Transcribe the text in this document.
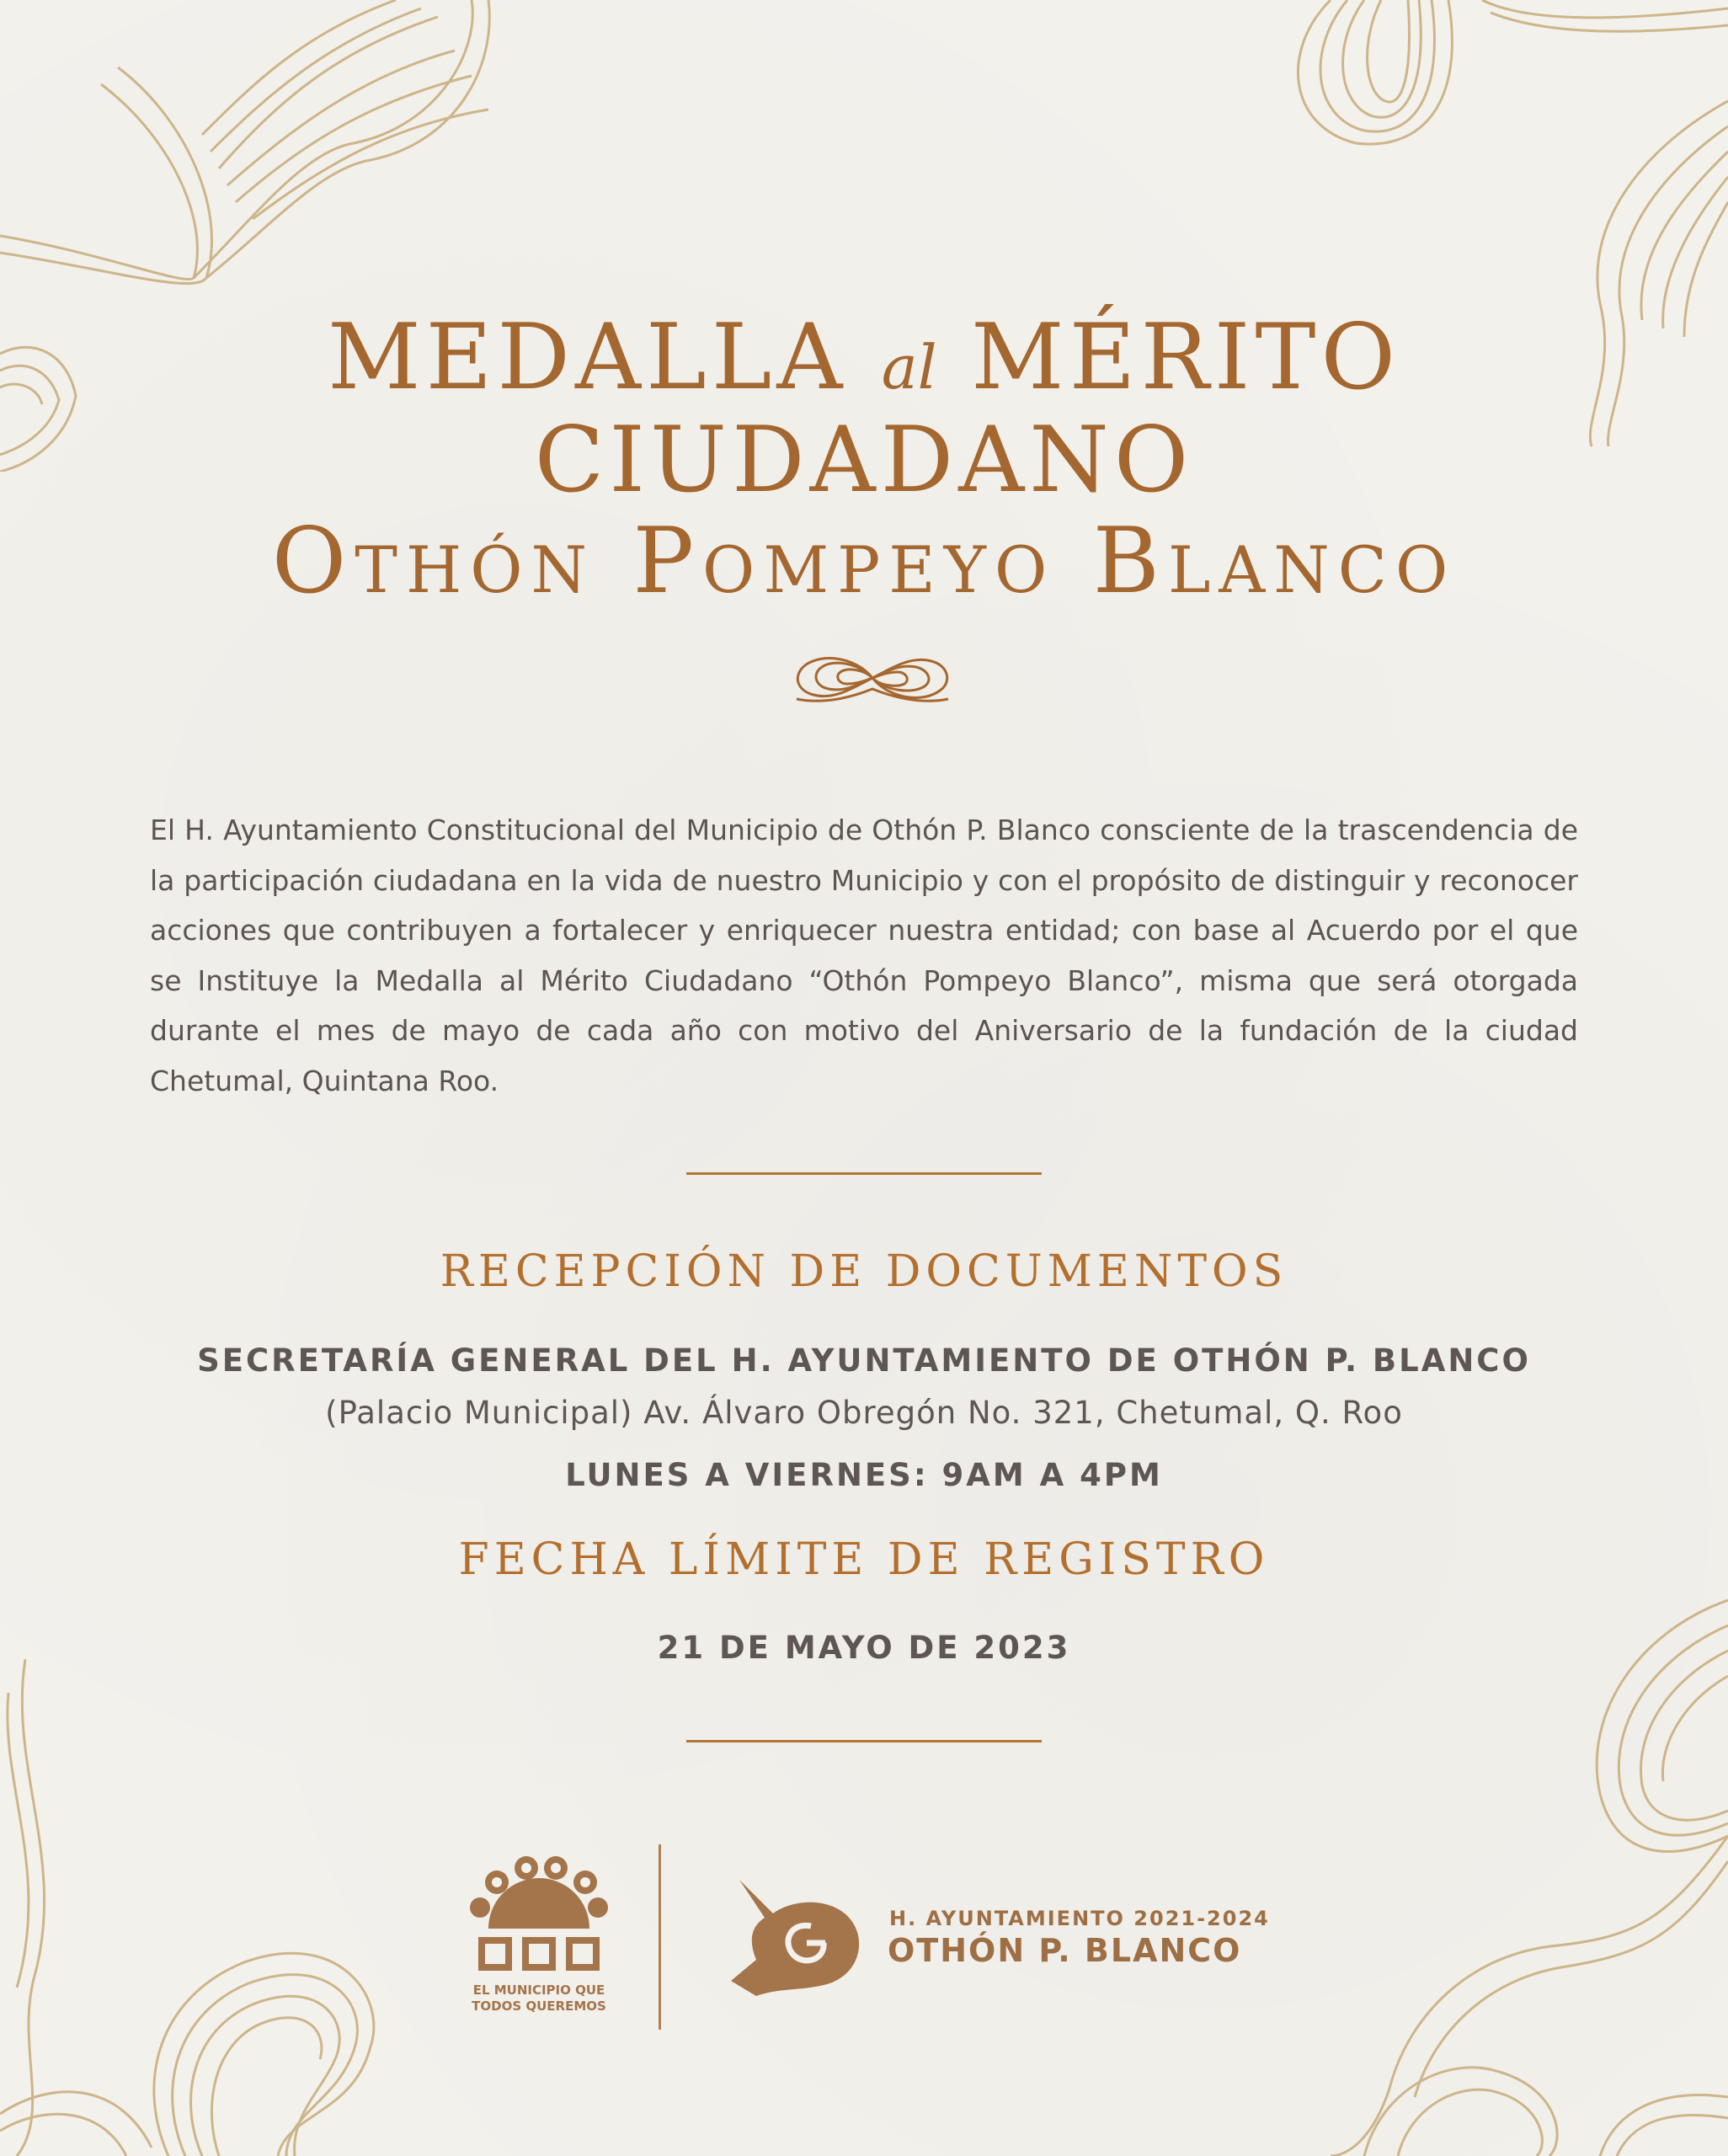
MEDALLA al MÉRITO
CIUDADANO
Othón Pompeyo Blanco

El H. Ayuntamiento Constitucional del Municipio de Othón P. Blanco consciente de la trascendencia de la participación ciudadana en la vida de nuestro Municipio y con el propósito de distinguir y reconocer acciones que contribuyen a fortalecer y enriquecer nuestra entidad; con base al Acuerdo por el que se Instituye la Medalla al Mérito Ciudadano “Othón Pompeyo Blanco”, misma que será otorgada durante el mes de mayo de cada año con motivo del Aniversario de la fundación de la ciudad Chetumal, Quintana Roo.

RECEPCIÓN DE DOCUMENTOS

SECRETARÍA GENERAL DEL H. AYUNTAMIENTO DE OTHÓN P. BLANCO

(Palacio Municipal) Av. Álvaro Obregón No. 321, Chetumal, Q. Roo

LUNES A VIERNES: 9AM A 4PM

FECHA LÍMITE DE REGISTRO

21 DE MAYO DE 2023

EL MUNICIPIO QUE
TODOS QUEREMOS
H. AYUNTAMIENTO 2021-2024
OTHÓN P. BLANCO
